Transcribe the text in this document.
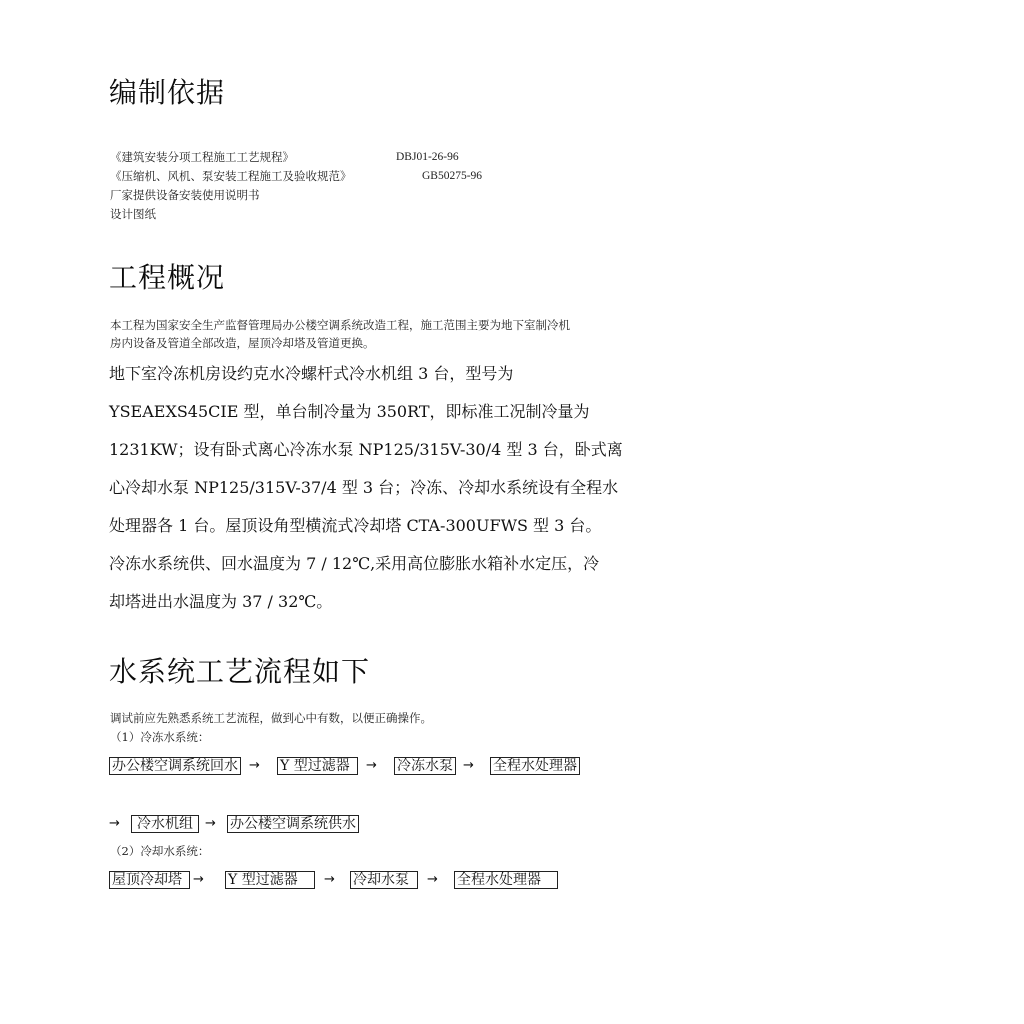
编制依据
《建筑安装分项工程施工工艺规程》	DBJ01-26-96
《压缩机、风机、泵安装工程施工及验收规范》	GB50275-96
厂家提供设备安装使用说明书
设计图纸
工程概况
本工程为国家安全生产监督管理局办公楼空调系统改造工程，施工范围主要为地下室制冷机
房内设备及管道全部改造，屋顶冷却塔及管道更换。
地下室冷冻机房设约克水冷螺杆式冷水机组 3 台，型号为
YSEAEXS45CIE 型，单台制冷量为 350RT，即标准工况制冷量为
1231KW；设有卧式离心冷冻水泵 NP125/315V-30/4 型 3 台，卧式离
心冷却水泵 NP125/315V-37/4 型 3 台；冷冻、冷却水系统设有全程水
处理器各 1 台。屋顶设角型横流式冷却塔 CTA-300UFWS 型 3 台。
冷冻水系统供、回水温度为 7 / 12℃,采用高位膨胀水箱补水定压，冷
却塔进出水温度为 37 / 32℃。
水系统工艺流程如下
调试前应先熟悉系统工艺流程，做到心中有数，以便正确操作。
（1）冷冻水系统：
办公楼空调系统回水 → Y 型过滤器	→ 冷冻水泵 → 全程水处理器
→	冷水机组 → 办公楼空调系统供水
（2）冷却水系统：
屋顶冷却塔 → Y 型过滤器	→ 冷却水泵	→ 全程水处理器
